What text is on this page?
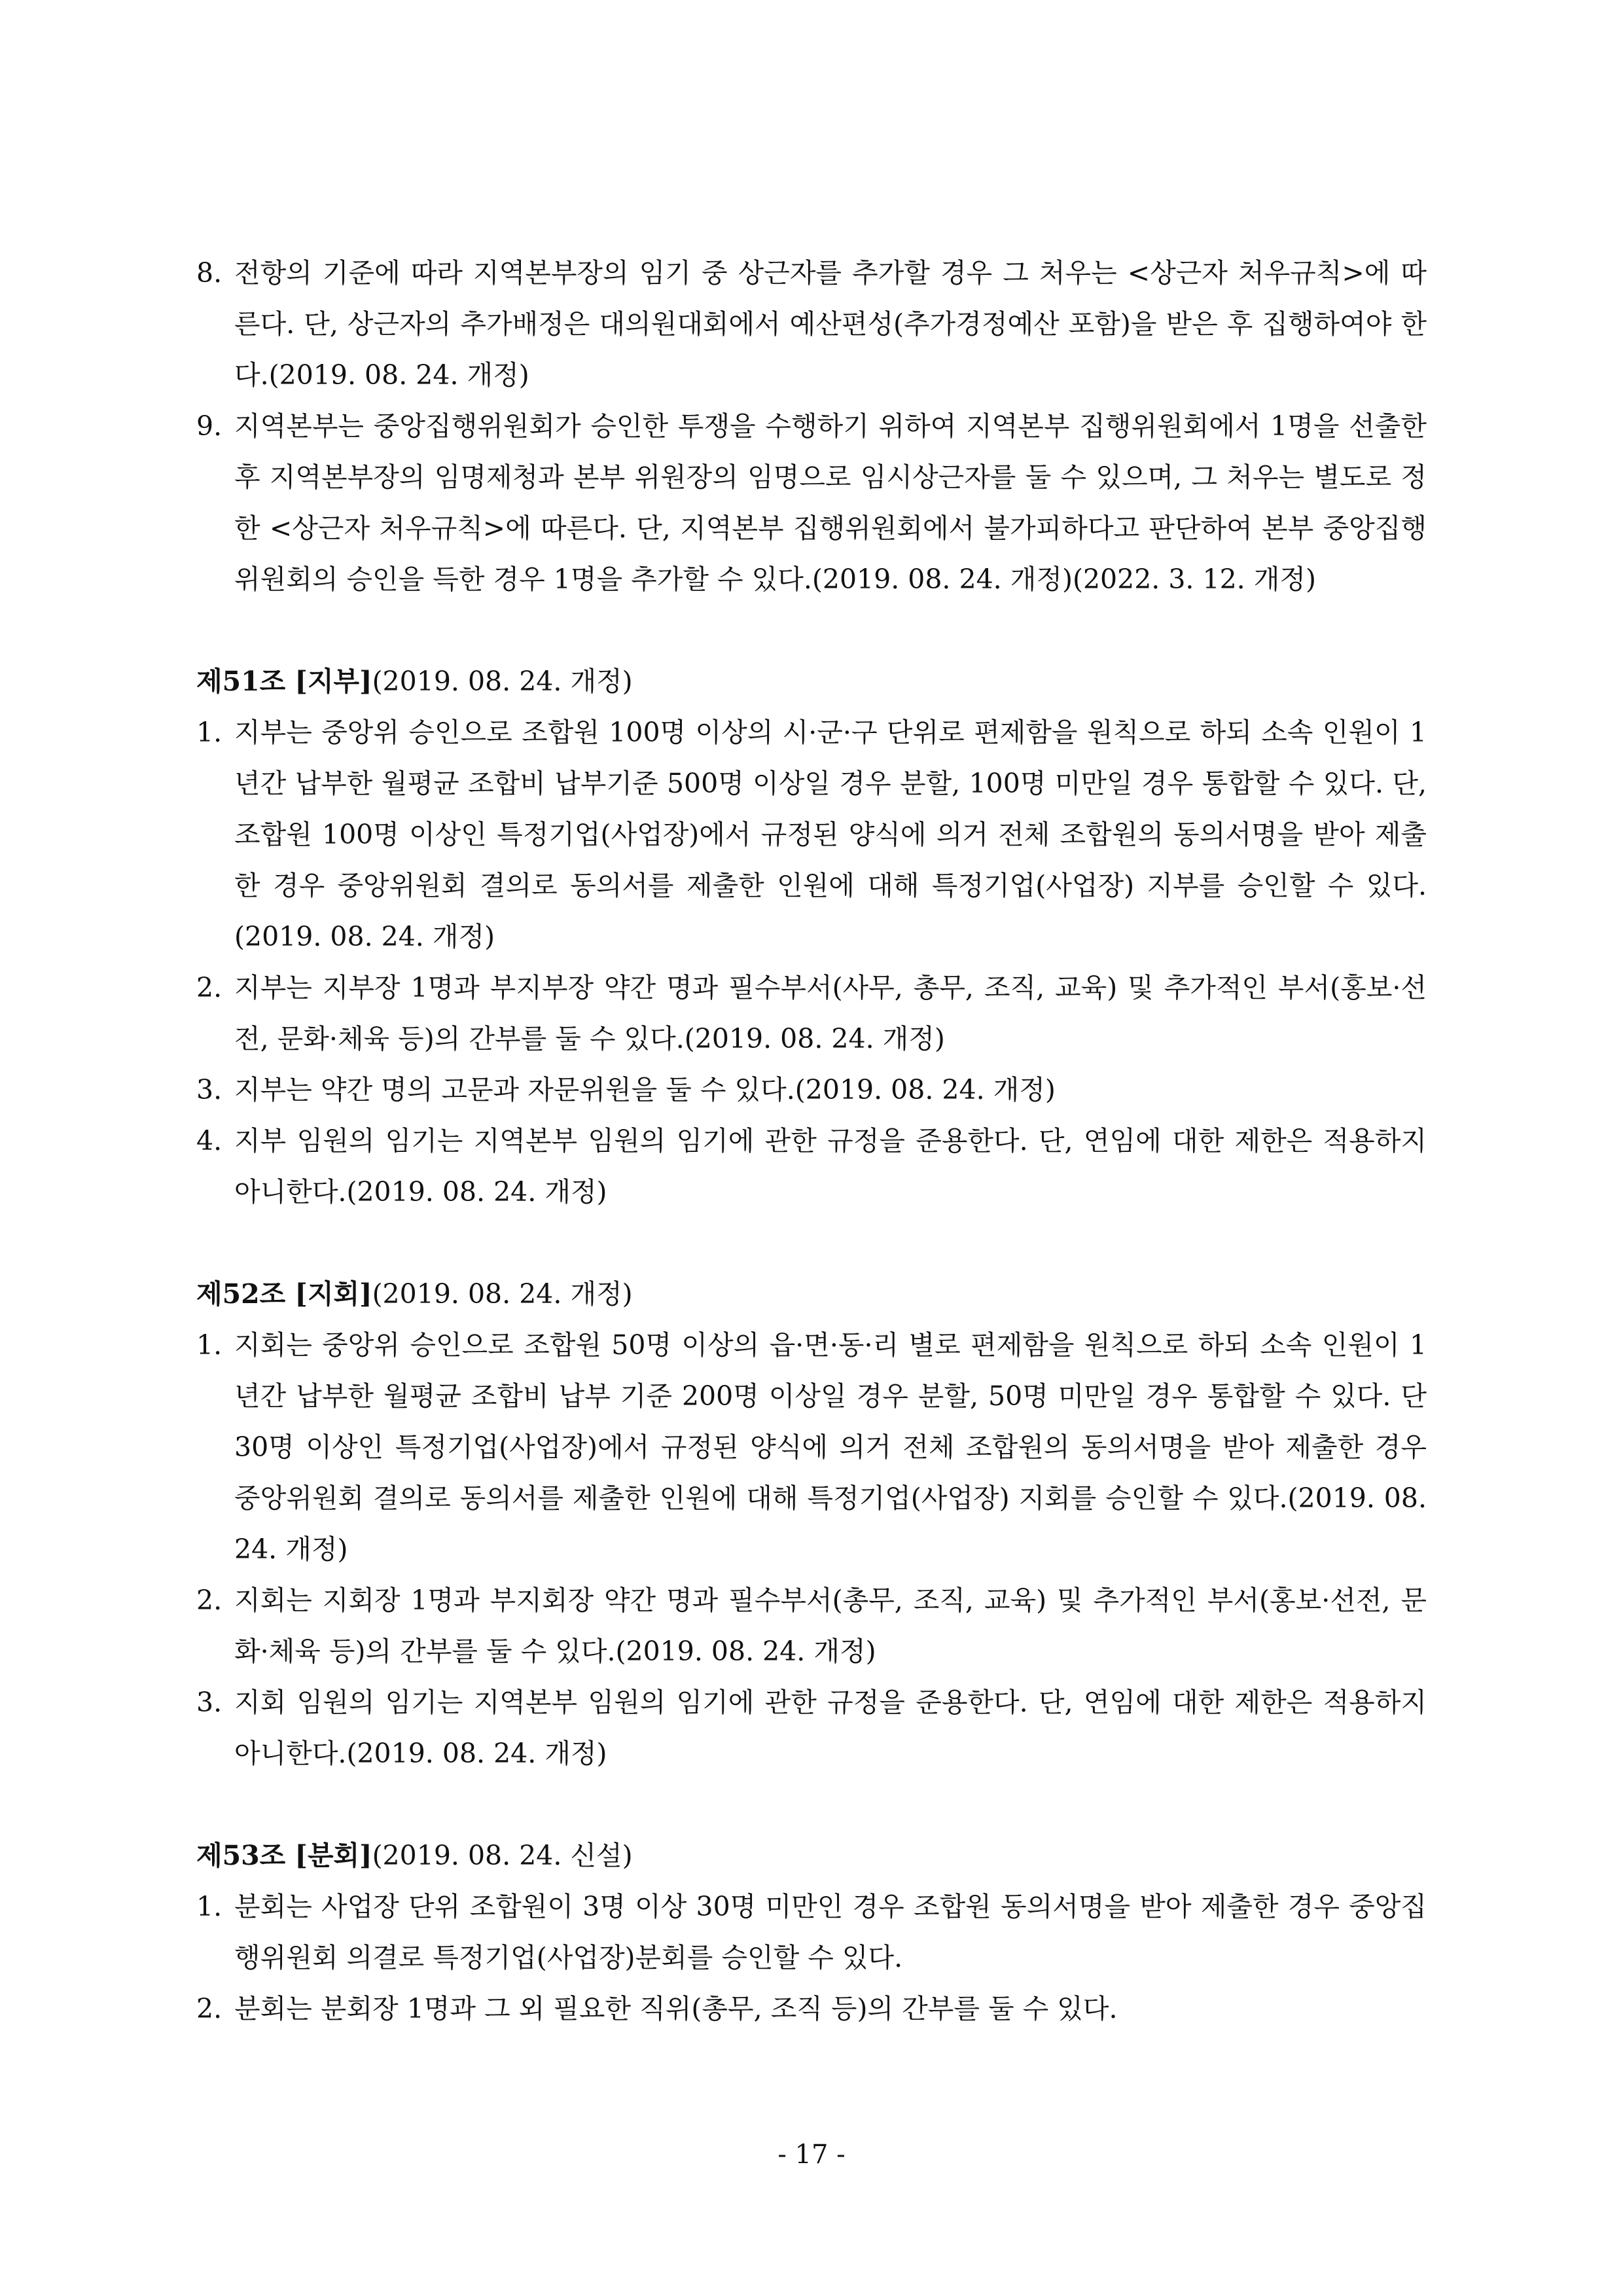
8. 전항의 기준에 따라 지역본부장의 임기 중 상근자를 추가할 경우 그 처우는 <상근자 처우규칙>에 따른다. 단, 상근자의 추가배정은 대의원대회에서 예산편성(추가경정예산 포함)을 받은 후 집행하여야 한다.(2019. 08. 24. 개정)
9. 지역본부는 중앙집행위원회가 승인한 투쟁을 수행하기 위하여 지역본부 집행위원회에서 1명을 선출한 후 지역본부장의 임명제청과 본부 위원장의 임명으로 임시상근자를 둘 수 있으며, 그 처우는 별도로 정한 <상근자 처우규칙>에 따른다. 단, 지역본부 집행위원회에서 불가피하다고 판단하여 본부 중앙집행위원회의 승인을 득한 경우 1명을 추가할 수 있다.(2019. 08. 24. 개정)(2022. 3. 12. 개정)
제51조 [지부](2019. 08. 24. 개정)
1. 지부는 중앙위 승인으로 조합원 100명 이상의 시·군·구 단위로 편제함을 원칙으로 하되 소속 인원이 1년간 납부한 월평균 조합비 납부기준 500명 이상일 경우 분할, 100명 미만일 경우 통합할 수 있다. 단, 조합원 100명 이상인 특정기업(사업장)에서 규정된 양식에 의거 전체 조합원의 동의서명을 받아 제출한 경우 중앙위원회 결의로 동의서를 제출한 인원에 대해 특정기업(사업장) 지부를 승인할 수 있다.(2019. 08. 24. 개정)
2. 지부는 지부장 1명과 부지부장 약간 명과 필수부서(사무, 총무, 조직, 교육) 및 추가적인 부서(홍보·선전, 문화·체육 등)의 간부를 둘 수 있다.(2019. 08. 24. 개정)
3. 지부는 약간 명의 고문과 자문위원을 둘 수 있다.(2019. 08. 24. 개정)
4. 지부 임원의 임기는 지역본부 임원의 임기에 관한 규정을 준용한다. 단, 연임에 대한 제한은 적용하지 아니한다.(2019. 08. 24. 개정)
제52조 [지회](2019. 08. 24. 개정)
1. 지회는 중앙위 승인으로 조합원 50명 이상의 읍·면·동·리 별로 편제함을 원칙으로 하되 소속 인원이 1년간 납부한 월평균 조합비 납부 기준 200명 이상일 경우 분할, 50명 미만일 경우 통합할 수 있다. 단 30명 이상인 특정기업(사업장)에서 규정된 양식에 의거 전체 조합원의 동의서명을 받아 제출한 경우 중앙위원회 결의로 동의서를 제출한 인원에 대해 특정기업(사업장) 지회를 승인할 수 있다.(2019. 08. 24. 개정)
2. 지회는 지회장 1명과 부지회장 약간 명과 필수부서(총무, 조직, 교육) 및 추가적인 부서(홍보·선전, 문화·체육 등)의 간부를 둘 수 있다.(2019. 08. 24. 개정)
3. 지회 임원의 임기는 지역본부 임원의 임기에 관한 규정을 준용한다. 단, 연임에 대한 제한은 적용하지 아니한다.(2019. 08. 24. 개정)
제53조 [분회](2019. 08. 24. 신설)
1. 분회는 사업장 단위 조합원이 3명 이상 30명 미만인 경우 조합원 동의서명을 받아 제출한 경우 중앙집행위원회 의결로 특정기업(사업장)분회를 승인할 수 있다.
2. 분회는 분회장 1명과 그 외 필요한 직위(총무, 조직 등)의 간부를 둘 수 있다.
- 17 -
